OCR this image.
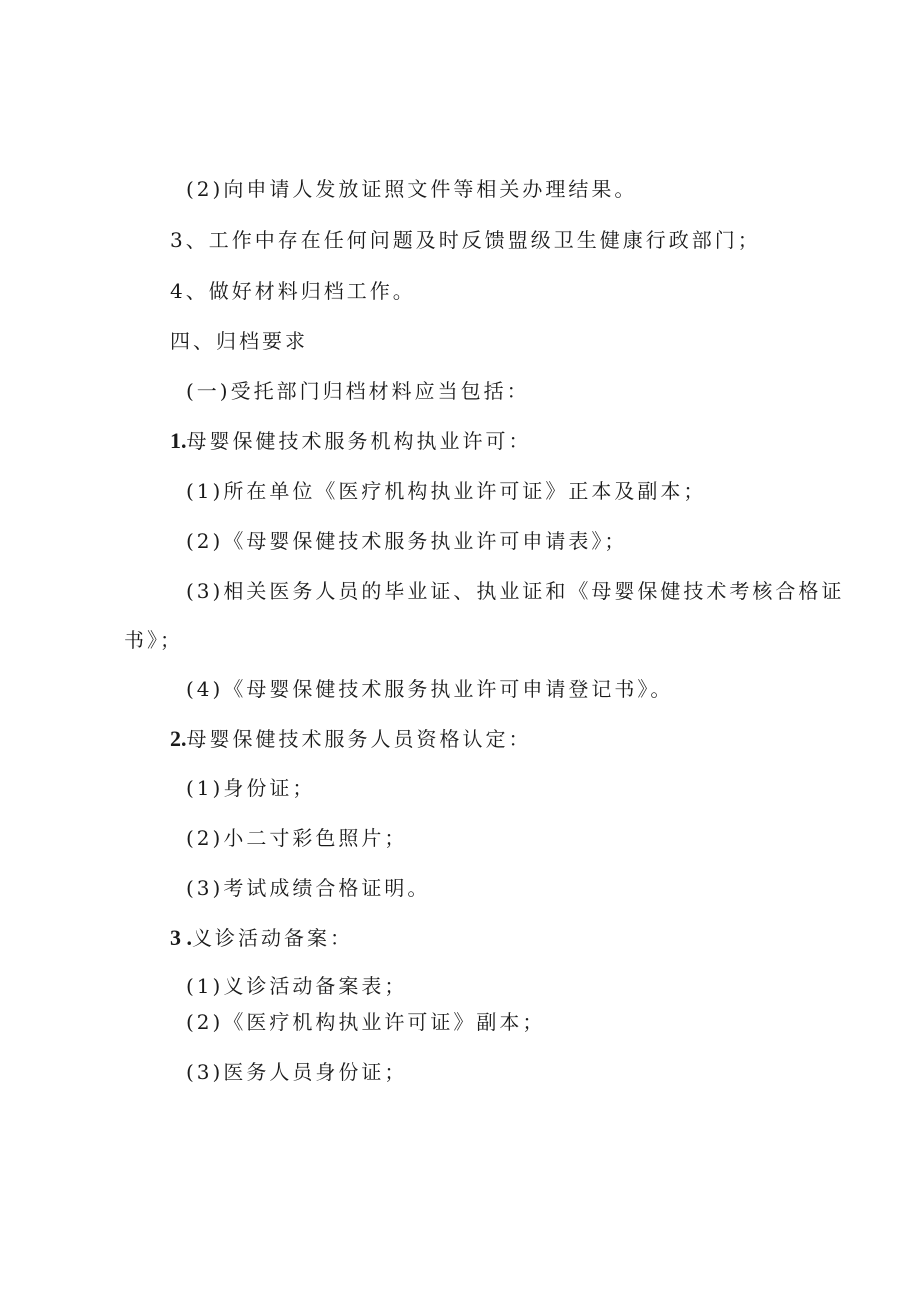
(2)向申请人发放证照文件等相关办理结果。
3、工作中存在任何问题及时反馈盟级卫生健康行政部门；
4、做好材料归档工作。
四、归档要求
(一)受托部门归档材料应当包括：
1.母婴保健技术服务机构执业许可：
(1)所在单位《医疗机构执业许可证》正本及副本；
(2)《母婴保健技术服务执业许可申请表》；
(3)相关医务人员的毕业证、执业证和《母婴保健技术考核合格证
书》；
(4)《母婴保健技术服务执业许可申请登记书》。
2.母婴保健技术服务人员资格认定：
(1)身份证；
(2)小二寸彩色照片；
(3)考试成绩合格证明。
3 .义诊活动备案：
(1)义诊活动备案表；
(2)《医疗机构执业许可证》副本；
(3)医务人员身份证；
